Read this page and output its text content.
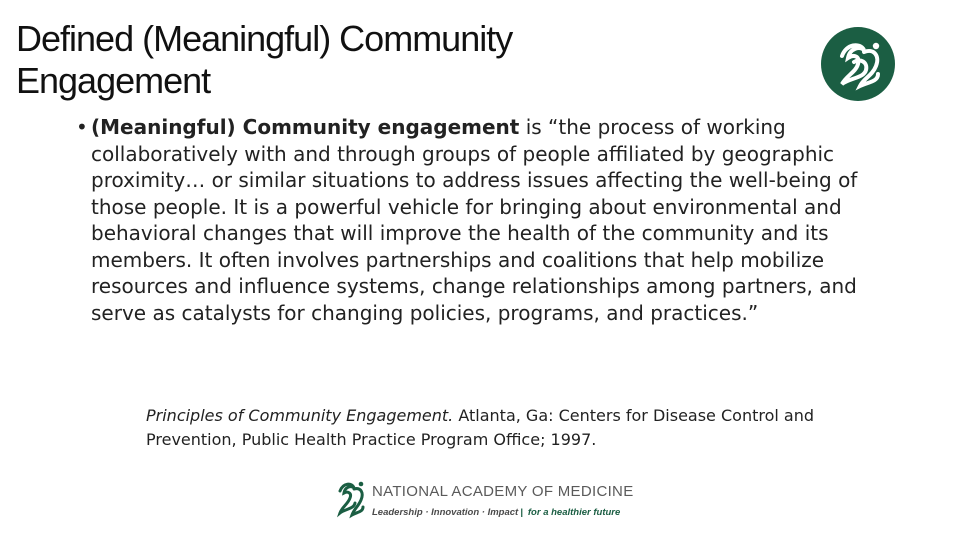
Defined (Meaningful) Community
Engagement
• (Meaningful) Community engagement is “the process of working collaboratively with and through groups of people affiliated by geographic proximity… or similar situations to address issues affecting the well-being of those people. It is a powerful vehicle for bringing about environmental and behavioral changes that will improve the health of the community and its members. It often involves partnerships and coalitions that help mobilize resources and influence systems, change relationships among partners, and serve as catalysts for changing policies, programs, and practices.”
Principles of Community Engagement. Atlanta, Ga: Centers for Disease Control and Prevention, Public Health Practice Program Office; 1997.
NATIONAL ACADEMY OF MEDICINE
Leadership · Innovation · Impact | for a healthier future
